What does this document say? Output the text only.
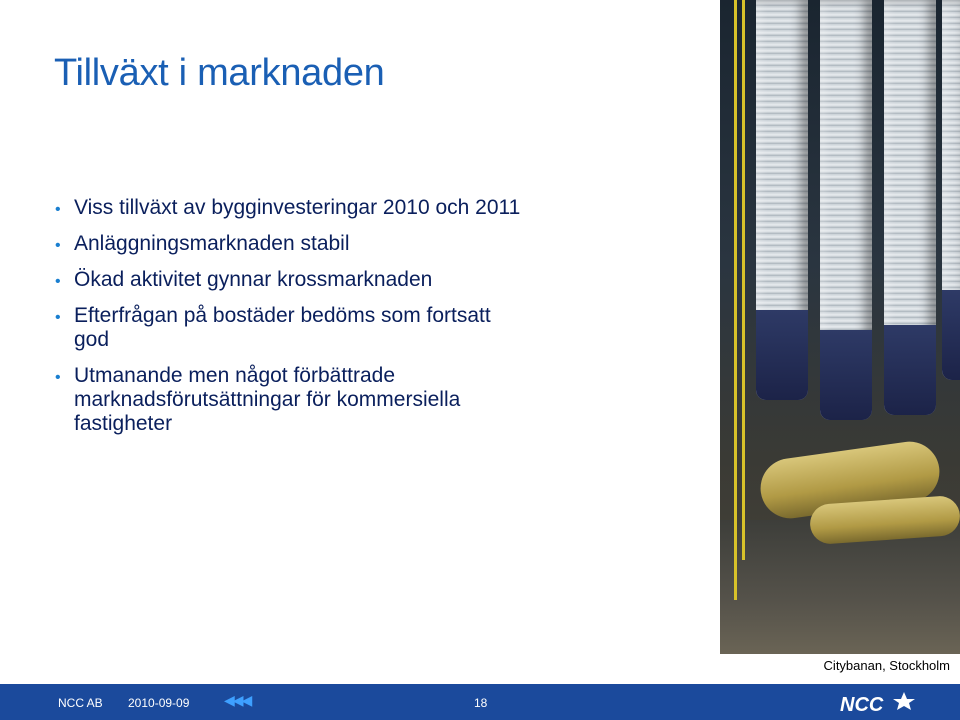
Tillväxt i marknaden
• Viss tillväxt av bygginvesteringar 2010 och 2011
• Anläggningsmarknaden stabil
• Ökad aktivitet gynnar krossmarknaden
• Efterfrågan på bostäder bedöms som fortsatt god
• Utmanande men något förbättrade marknadsförutsättningar för kommersiella fastigheter
Citybanan, Stockholm
NCC AB 2010-09-09 ◀◀◀	18	NCC
